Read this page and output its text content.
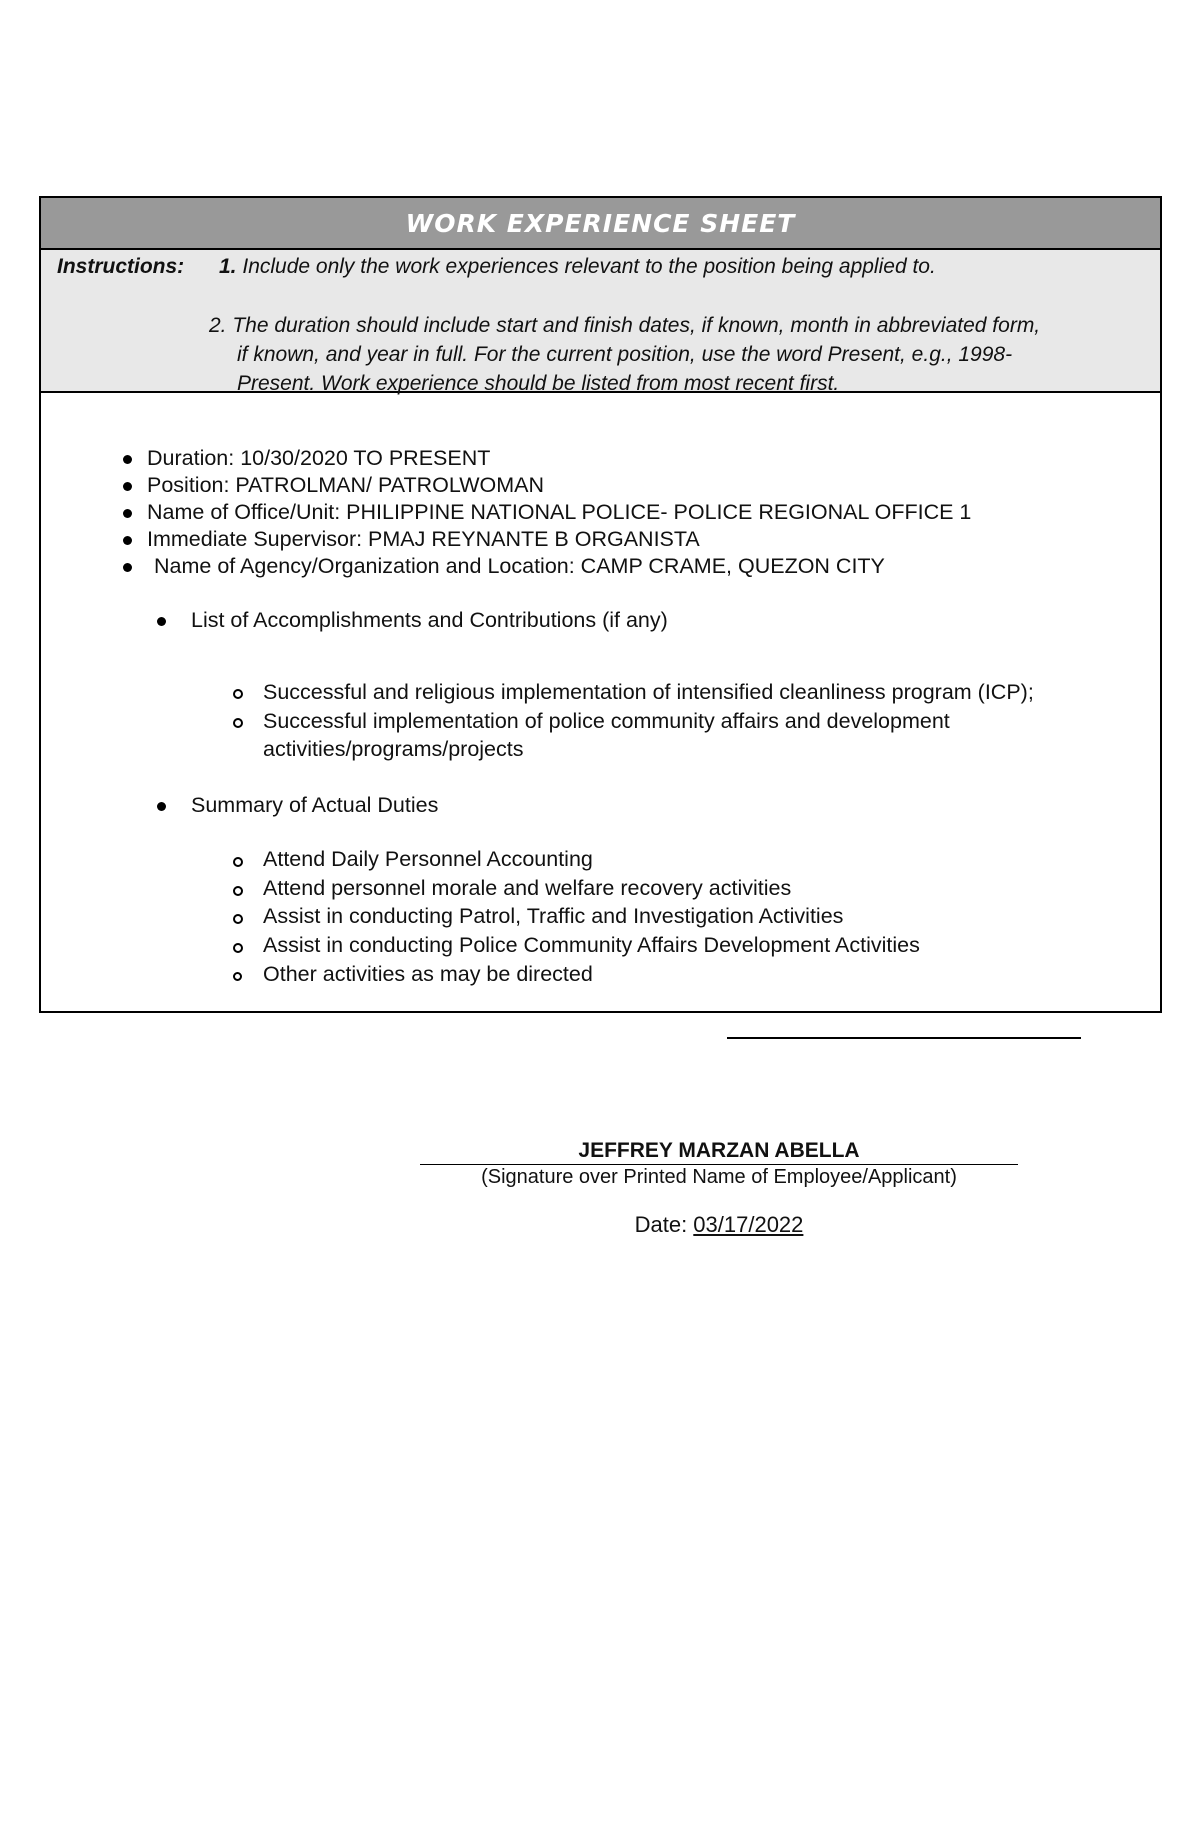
WORK EXPERIENCE SHEET
Instructions: 1. Include only the work experiences relevant to the position being applied to.
2. The duration should include start and finish dates, if known, month in abbreviated form,
if known, and year in full. For the current position, use the word Present, e.g., 1998-
Present. Work experience should be listed from most recent first.
Duration: 10/30/2020 TO PRESENT
Position: PATROLMAN/ PATROLWOMAN
Name of Office/Unit: PHILIPPINE NATIONAL POLICE- POLICE REGIONAL OFFICE 1
Immediate Supervisor: PMAJ REYNANTE B ORGANISTA
Name of Agency/Organization and Location: CAMP CRAME, QUEZON CITY
List of Accomplishments and Contributions (if any)
Successful and religious implementation of intensified cleanliness program (ICP);
Successful implementation of police community affairs and development
activities/programs/projects
Summary of Actual Duties
Attend Daily Personnel Accounting
Attend personnel morale and welfare recovery activities
Assist in conducting Patrol, Traffic and Investigation Activities
Assist in conducting Police Community Affairs Development Activities
Other activities as may be directed
JEFFREY MARZAN ABELLA
(Signature over Printed Name of Employee/Applicant)
Date: 03/17/2022
